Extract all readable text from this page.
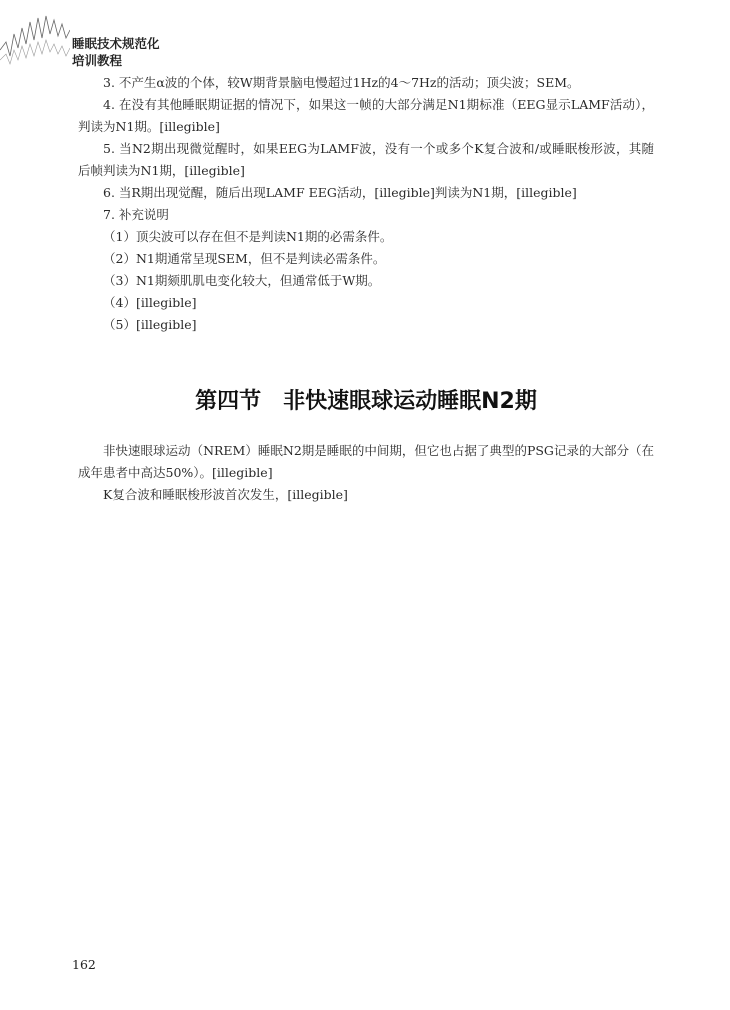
睡眠技术规范化
培训教程

3. 不产生α波的个体，较W期背景脑电慢超过1Hz的4～7Hz的活动；顶尖波；SEM。

4. 在没有其他睡眠期证据的情况下，如果这一帧的大部分满足N1期标准（EEG显示LAMF活动），判读为N1期。[illegible]

5. 当N2期出现微觉醒时，如果EEG为LAMF波，没有一个或多个K复合波和/或睡眠梭形波，其随后帧判读为N1期，[illegible]

6. 当R期出现觉醒，随后出现LAMF EEG活动，[illegible]判读为N1期，[illegible]

7. 补充说明

（1）顶尖波可以存在但不是判读N1期的必需条件。

（2）N1期通常呈现SEM，但不是判读必需条件。

（3）N1期颏肌肌电变化较大，但通常低于W期。

（4）[illegible]

（5）[illegible]

第四节　非快速眼球运动睡眠N2期

非快速眼球运动（NREM）睡眠N2期是睡眠的中间期，但它也占据了典型的PSG记录的大部分（在成年患者中高达50%）。[illegible]

K复合波和睡眠梭形波首次发生，[illegible]

162
